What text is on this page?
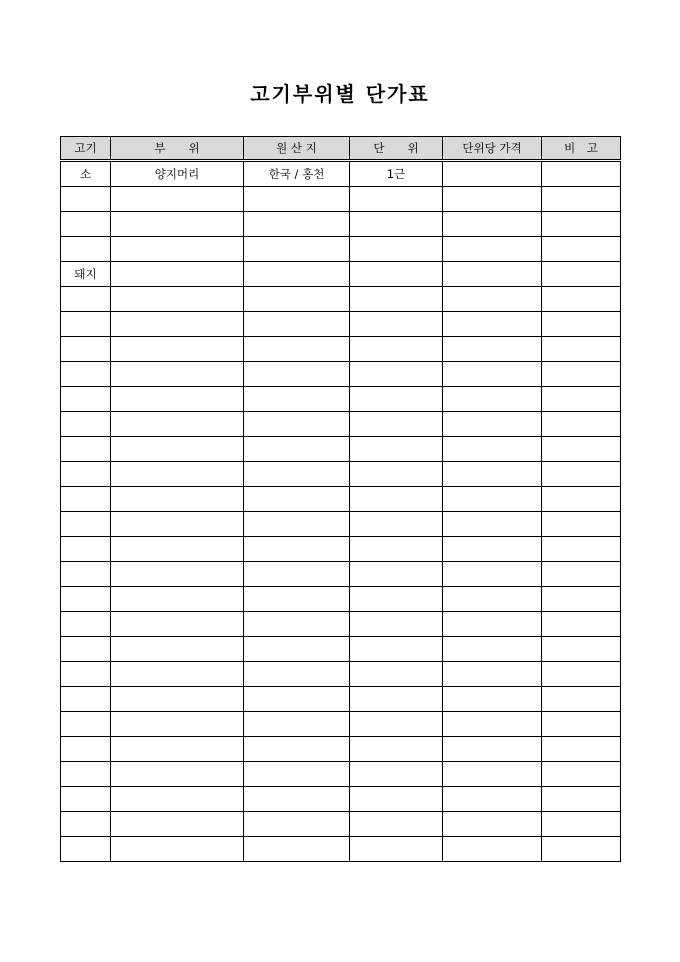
고기부위별 단가표
고기	부　　위	원 산 지	단　　위	단위당 가격	비　고
소	양지머리	한국 / 홍천	1근		

돼지					
